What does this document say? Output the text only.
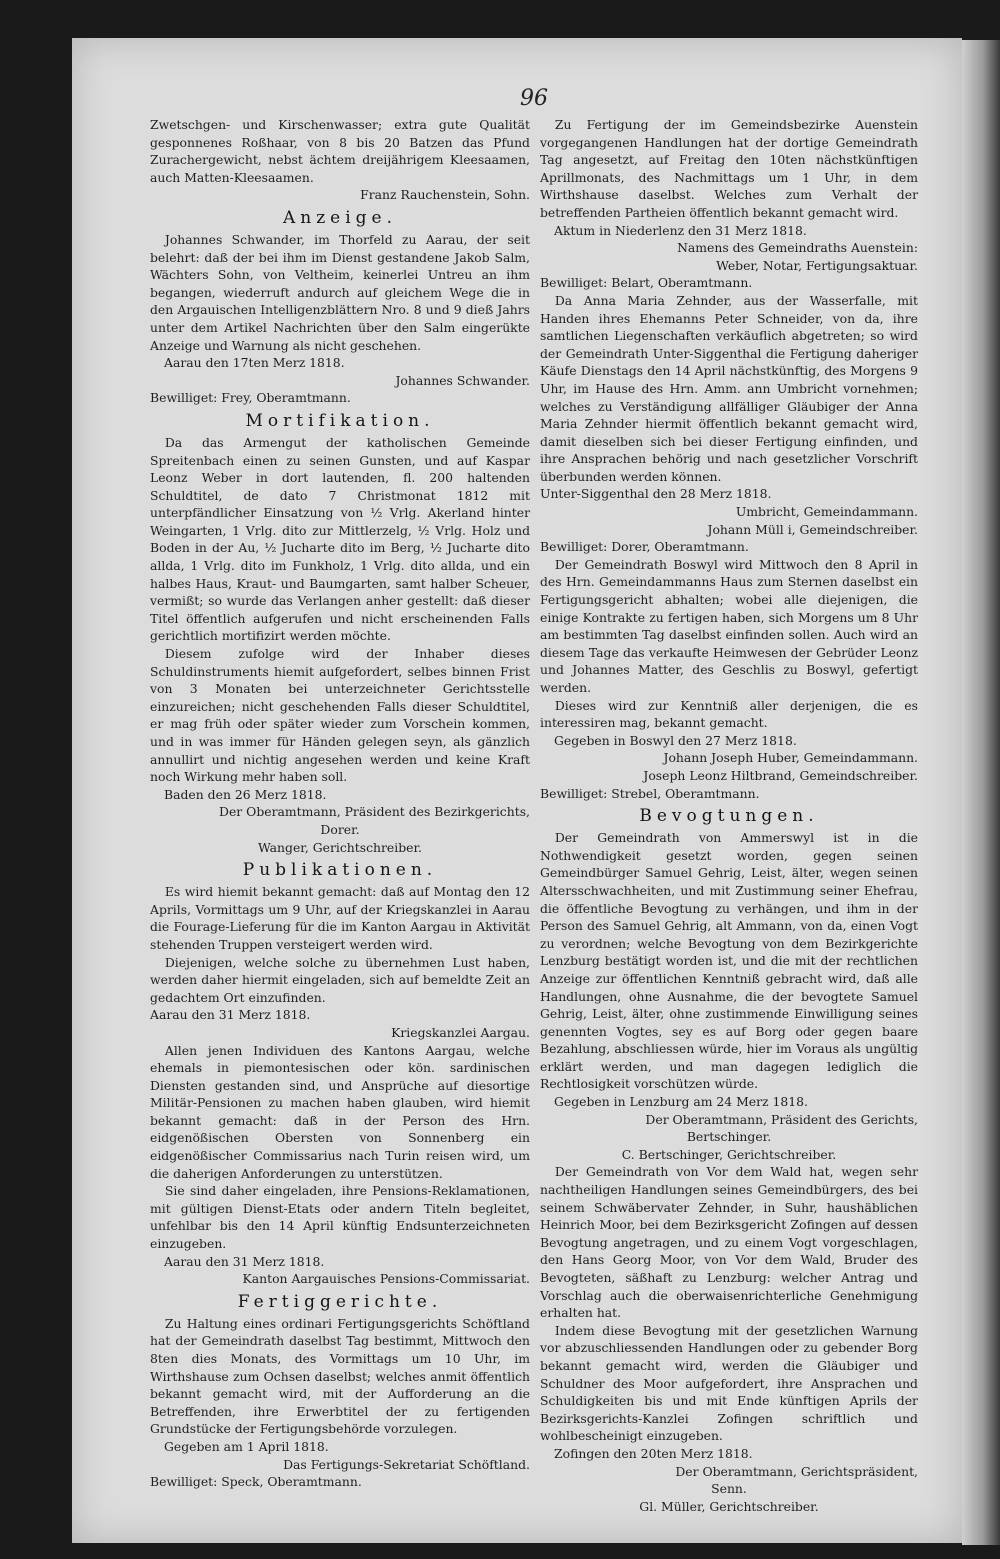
96

Zwetschgen- und Kirschenwasser; extra gute Qualität gesponnenes Roßhaar, von 8 bis 20 Batzen das Pfund Zurachergewicht, nebst ächtem dreijährigem Kleesaamen, auch Matten-Kleesaamen.

Franz Rauchenstein, Sohn.

Anzeige.

Johannes Schwander, im Thorfeld zu Aarau, der seit belehrt: daß der bei ihm im Dienst gestandene Jakob Salm, Wächters Sohn, von Veltheim, keinerlei Untreu an ihm begangen, wiederruft andurch auf gleichem Wege die in den Argauischen Intelligenzblättern Nro. 8 und 9 dieß Jahrs unter dem Artikel Nachrichten über den Salm eingerükte Anzeige und Warnung als nicht geschehen.

Aarau den 17ten Merz 1818.

Johannes Schwander.

Bewilliget: Frey, Oberamtmann.

Mortifikation.

Da das Armengut der katholischen Gemeinde Spreitenbach einen zu seinen Gunsten, und auf Kaspar Leonz Weber in dort lautenden, fl. 200 haltenden Schuldtitel, de dato 7 Christmonat 1812 mit unterpfändlicher Einsatzung von ½ Vrlg. Akerland hinter Weingarten, 1 Vrlg. dito zur Mittlerzelg, ½ Vrlg. Holz und Boden in der Au, ½ Jucharte dito im Berg, ½ Jucharte dito allda, 1 Vrlg. dito im Funkholz, 1 Vrlg. dito allda, und ein halbes Haus, Kraut- und Baumgarten, samt halber Scheuer, vermißt; so wurde das Verlangen anher gestellt: daß dieser Titel öffentlich aufgerufen und nicht erscheinenden Falls gerichtlich mortifizirt werden möchte.

Diesem zufolge wird der Inhaber dieses Schuldinstruments hiemit aufgefordert, selbes binnen Frist von 3 Monaten bei unterzeichneter Gerichtsstelle einzureichen; nicht geschehenden Falls dieser Schuldtitel, er mag früh oder später wieder zum Vorschein kommen, und in was immer für Händen gelegen seyn, als gänzlich annullirt und nichtig angesehen werden und keine Kraft noch Wirkung mehr haben soll.

Baden den 26 Merz 1818.

Der Oberamtmann, Präsident des Bezirkgerichts,

Dorer.

Wanger, Gerichtschreiber.

Publikationen.

Es wird hiemit bekannt gemacht: daß auf Montag den 12 Aprils, Vormittags um 9 Uhr, auf der Kriegskanzlei in Aarau die Fourage-Lieferung für die im Kanton Aargau in Aktivität stehenden Truppen versteigert werden wird.

Diejenigen, welche solche zu übernehmen Lust haben, werden daher hiermit eingeladen, sich auf bemeldte Zeit an gedachtem Ort einzufinden.

Aarau den 31 Merz 1818.

Kriegskanzlei Aargau.

Allen jenen Individuen des Kantons Aargau, welche ehemals in piemontesischen oder kön. sardinischen Diensten gestanden sind, und Ansprüche auf diesortige Militär-Pensionen zu machen haben glauben, wird hiemit bekannt gemacht: daß in der Person des Hrn. eidgenößischen Obersten von Sonnenberg ein eidgenößischer Commissarius nach Turin reisen wird, um die daherigen Anforderungen zu unterstützen.

Sie sind daher eingeladen, ihre Pensions-Reklamationen, mit gültigen Dienst-Etats oder andern Titeln begleitet, unfehlbar bis den 14 April künftig Endsunterzeichneten einzugeben.

Aarau den 31 Merz 1818.

Kanton Aargauisches Pensions-Commissariat.

Fertiggerichte.

Zu Haltung eines ordinari Fertigungsgerichts Schöftland hat der Gemeindrath daselbst Tag bestimmt, Mittwoch den 8ten dies Monats, des Vormittags um 10 Uhr, im Wirthshause zum Ochsen daselbst; welches anmit öffentlich bekannt gemacht wird, mit der Aufforderung an die Betreffenden, ihre Erwerbtitel der zu fertigenden Grundstücke der Fertigungsbehörde vorzulegen.

Gegeben am 1 April 1818.

Das Fertigungs-Sekretariat Schöftland.

Bewilliget: Speck, Oberamtmann.

Zu Fertigung der im Gemeindsbezirke Auenstein vorgegangenen Handlungen hat der dortige Gemeindrath Tag angesetzt, auf Freitag den 10ten nächstkünftigen Aprillmonats, des Nachmittags um 1 Uhr, in dem Wirthshause daselbst. Welches zum Verhalt der betreffenden Partheien öffentlich bekannt gemacht wird.

Aktum in Niederlenz den 31 Merz 1818.

Namens des Gemeindraths Auenstein:

Weber, Notar, Fertigungsaktuar.

Bewilliget: Belart, Oberamtmann.

Da Anna Maria Zehnder, aus der Wasserfalle, mit Handen ihres Ehemanns Peter Schneider, von da, ihre samtlichen Liegenschaften verkäuflich abgetreten; so wird der Gemeindrath Unter-Siggenthal die Fertigung daheriger Käufe Dienstags den 14 April nächstkünftig, des Morgens 9 Uhr, im Hause des Hrn. Amm. ann Umbricht vornehmen; welches zu Verständigung allfälliger Gläubiger der Anna Maria Zehnder hiermit öffentlich bekannt gemacht wird, damit dieselben sich bei dieser Fertigung einfinden, und ihre Ansprachen behörig und nach gesetzlicher Vorschrift überbunden werden können.

Unter-Siggenthal den 28 Merz 1818.

Umbricht, Gemeindammann.

Johann Müll i, Gemeindschreiber.

Bewilliget: Dorer, Oberamtmann.

Der Gemeindrath Boswyl wird Mittwoch den 8 April in des Hrn. Gemeindammanns Haus zum Sternen daselbst ein Fertigungsgericht abhalten; wobei alle diejenigen, die einige Kontrakte zu fertigen haben, sich Morgens um 8 Uhr am bestimmten Tag daselbst einfinden sollen. Auch wird an diesem Tage das verkaufte Heimwesen der Gebrüder Leonz und Johannes Matter, des Geschlis zu Boswyl, gefertigt werden.

Dieses wird zur Kenntniß aller derjenigen, die es interessiren mag, bekannt gemacht.

Gegeben in Boswyl den 27 Merz 1818.

Johann Joseph Huber, Gemeindammann.

Joseph Leonz Hiltbrand, Gemeindschreiber.

Bewilliget: Strebel, Oberamtmann.

Bevogtungen.

Der Gemeindrath von Ammerswyl ist in die Nothwendigkeit gesetzt worden, gegen seinen Gemeindbürger Samuel Gehrig, Leist, älter, wegen seinen Altersschwachheiten, und mit Zustimmung seiner Ehefrau, die öffentliche Bevogtung zu verhängen, und ihm in der Person des Samuel Gehrig, alt Ammann, von da, einen Vogt zu verordnen; welche Bevogtung von dem Bezirkgerichte Lenzburg bestätigt worden ist, und die mit der rechtlichen Anzeige zur öffentlichen Kenntniß gebracht wird, daß alle Handlungen, ohne Ausnahme, die der bevogtete Samuel Gehrig, Leist, älter, ohne zustimmende Einwilligung seines genennten Vogtes, sey es auf Borg oder gegen baare Bezahlung, abschliessen würde, hier im Voraus als ungültig erklärt werden, und man dagegen lediglich die Rechtlosigkeit vorschützen würde.

Gegeben in Lenzburg am 24 Merz 1818.

Der Oberamtmann, Präsident des Gerichts,

Bertschinger.

C. Bertschinger, Gerichtschreiber.

Der Gemeindrath von Vor dem Wald hat, wegen sehr nachtheiligen Handlungen seines Gemeindbürgers, des bei seinem Schwäbervater Zehnder, in Suhr, haushäblichen Heinrich Moor, bei dem Bezirksgericht Zofingen auf dessen Bevogtung angetragen, und zu einem Vogt vorgeschlagen, den Hans Georg Moor, von Vor dem Wald, Bruder des Bevogteten, säßhaft zu Lenzburg: welcher Antrag und Vorschlag auch die oberwaisenrichterliche Genehmigung erhalten hat.

Indem diese Bevogtung mit der gesetzlichen Warnung vor abzuschliessenden Handlungen oder zu gebender Borg bekannt gemacht wird, werden die Gläubiger und Schuldner des Moor aufgefordert, ihre Ansprachen und Schuldigkeiten bis und mit Ende künftigen Aprils der Bezirksgerichts-Kanzlei Zofingen schriftlich und wohlbescheinigt einzugeben.

Zofingen den 20ten Merz 1818.

Der Oberamtmann, Gerichtspräsident,

Senn.

Gl. Müller, Gerichtschreiber.
